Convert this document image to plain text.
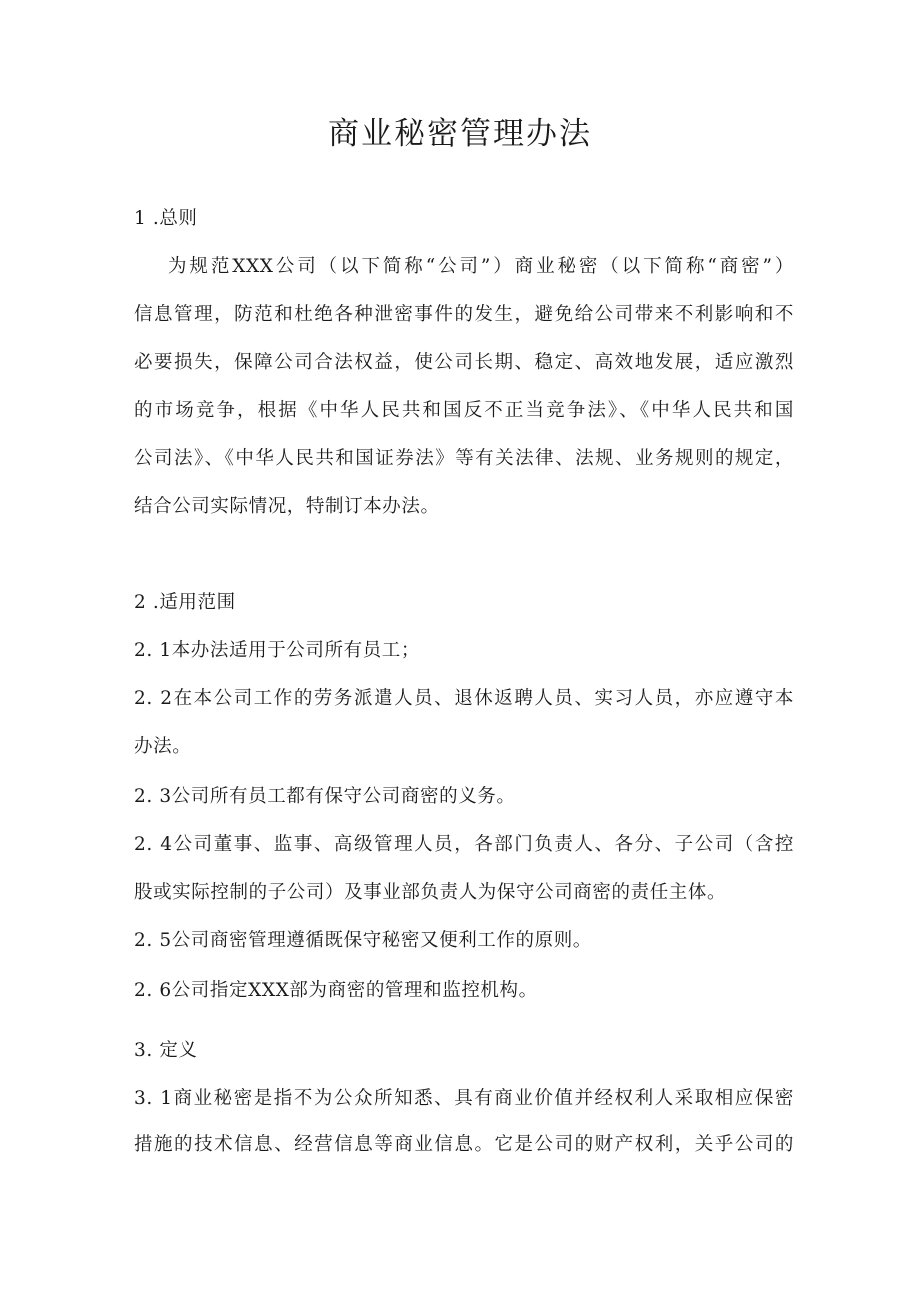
商业秘密管理办法
1 .总则
为规范XXX公司（以下简称“公司”）商业秘密（以下简称“商密”）
信息管理，防范和杜绝各种泄密事件的发生，避免给公司带来不利影响和不
必要损失，保障公司合法权益，使公司长期、稳定、高效地发展，适应激烈
的市场竞争，根据《中华人民共和国反不正当竞争法》、《中华人民共和国
公司法》、《中华人民共和国证券法》等有关法律、法规、业务规则的规定，
结合公司实际情况，特制订本办法。
2 .适用范围
2. 1本办法适用于公司所有员工；
2. 2在本公司工作的劳务派遣人员、退休返聘人员、实习人员，亦应遵守本
办法。
2. 3公司所有员工都有保守公司商密的义务。
2. 4公司董事、监事、高级管理人员，各部门负责人、各分、子公司（含控
股或实际控制的子公司）及事业部负责人为保守公司商密的责任主体。
2. 5公司商密管理遵循既保守秘密又便利工作的原则。
2. 6公司指定XXX部为商密的管理和监控机构。
3. 定义
3. 1商业秘密是指不为公众所知悉、具有商业价值并经权利人采取相应保密
措施的技术信息、经营信息等商业信息。它是公司的财产权利，关乎公司的
